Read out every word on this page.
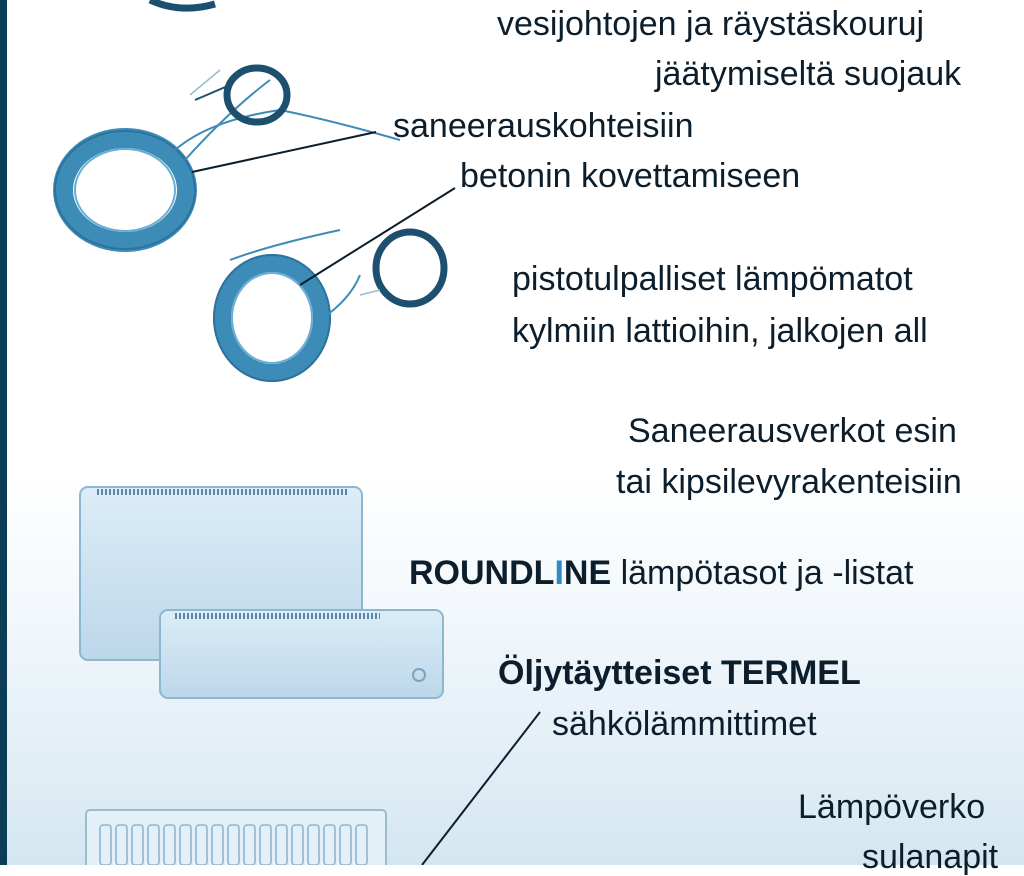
vesijohtojen ja räystäskouruj
jäätymiseltä suojauk
saneerauskohteisiin
betonin kovettamiseen
pistotulpalliset lämpömatot
kylmiin lattioihin, jalkojen all
Saneerausverkot esin
tai kipsilevyrakenteisiin
ROUNDLINE lämpötasot ja -listat
Öljytäytteiset TERMEL
sähkölämmittimet
Lämpöverko
sulanapit
